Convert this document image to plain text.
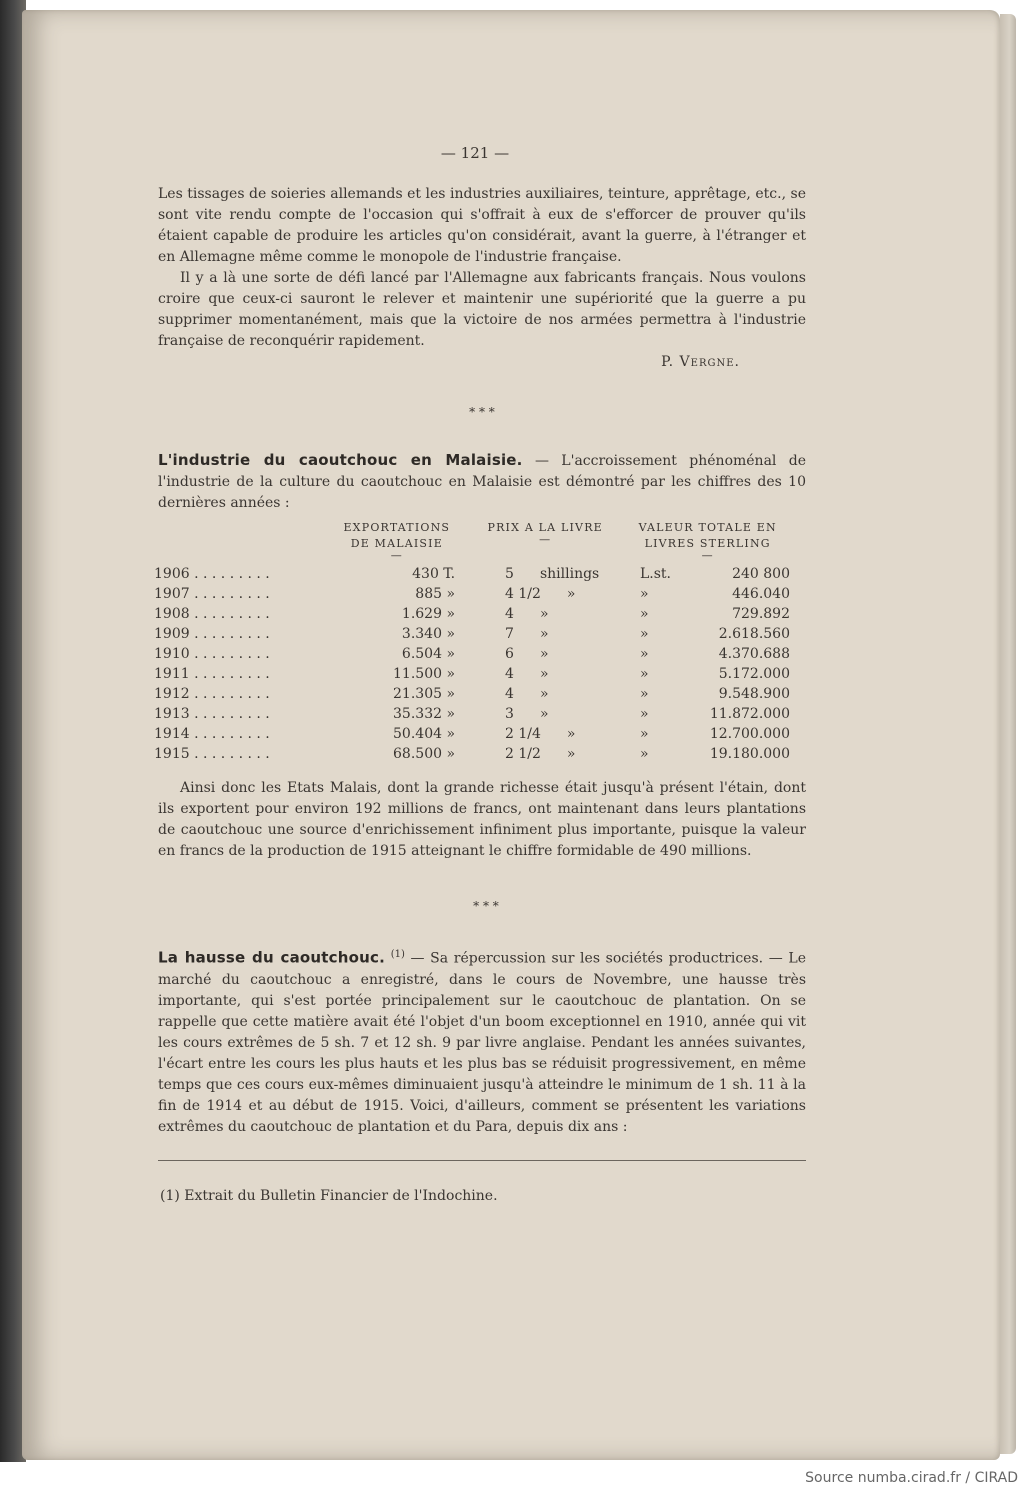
— 121 —

Les tissages de soieries allemands et les industries auxiliaires, teinture, apprêtage, etc., se sont vite rendu compte de l'occasion qui s'offrait à eux de s'efforcer de prouver qu'ils étaient capable de produire les articles qu'on considérait, avant la guerre, à l'étranger et en Allemagne même comme le monopole de l'industrie française.

Il y a là une sorte de défi lancé par l'Allemagne aux fabricants français. Nous voulons croire que ceux-ci sauront le relever et maintenir une supériorité que la guerre a pu supprimer momentanément, mais que la victoire de nos armées permettra à l'industrie française de reconquérir rapidement.

P. Vergne.
* * *

L'industrie du caoutchouc en Malaisie. — L'accroissement phénoménal de l'industrie de la culture du caoutchouc en Malaisie est démontré par les chiffres des 10 dernières années :

	EXPORTATIONS DE MALAISIE
—	PRIX A LA LIVRE
—	VALEUR TOTALE EN LIVRES STERLING
—

1906 . . . . . . . . .	430 T.	5 shillings	L.st. 240 800
1907 . . . . . . . . .	885 »	4 1/2 »	» 446.040
1908 . . . . . . . . .	1.629 »	4 »	» 729.892
1909 . . . . . . . . .	3.340 »	7 »	» 2.618.560
1910 . . . . . . . . .	6.504 »	6 »	» 4.370.688
1911 . . . . . . . . .	11.500 »	4 »	» 5.172.000
1912 . . . . . . . . .	21.305 »	4 »	» 9.548.900
1913 . . . . . . . . .	35.332 »	3 »	» 11.872.000
1914 . . . . . . . . .	50.404 »	2 1/4 »	» 12.700.000
1915 . . . . . . . . .	68.500 »	2 1/2 »	» 19.180.000

Ainsi donc les Etats Malais, dont la grande richesse était jusqu'à présent l'étain, dont ils exportent pour environ 192 millions de francs, ont maintenant dans leurs plantations de caoutchouc une source d'enrichissement infiniment plus importante, puisque la valeur en francs de la production de 1915 atteignant le chiffre formidable de 490 millions.

* * *

La hausse du caoutchouc. $^{(1)}$ — Sa répercussion sur les sociétés productrices. — Le marché du caoutchouc a enregistré, dans le cours de Novembre, une hausse très importante, qui s'est portée principalement sur le caoutchouc de plantation. On se rappelle que cette matière avait été l'objet d'un boom exceptionnel en 1910, année qui vit les cours extrêmes de 5 sh. 7 et 12 sh. 9 par livre anglaise. Pendant les années suivantes, l'écart entre les cours les plus hauts et les plus bas se réduisit progressivement, en même temps que ces cours eux-mêmes diminuaient jusqu'à atteindre le minimum de 1 sh. 11 à la fin de 1914 et au début de 1915. Voici, d'ailleurs, comment se présentent les variations extrêmes du caoutchouc de plantation et du Para, depuis dix ans :

(1) Extrait du Bulletin Financier de l'Indochine.
Source numba.cirad.fr / CIRAD
